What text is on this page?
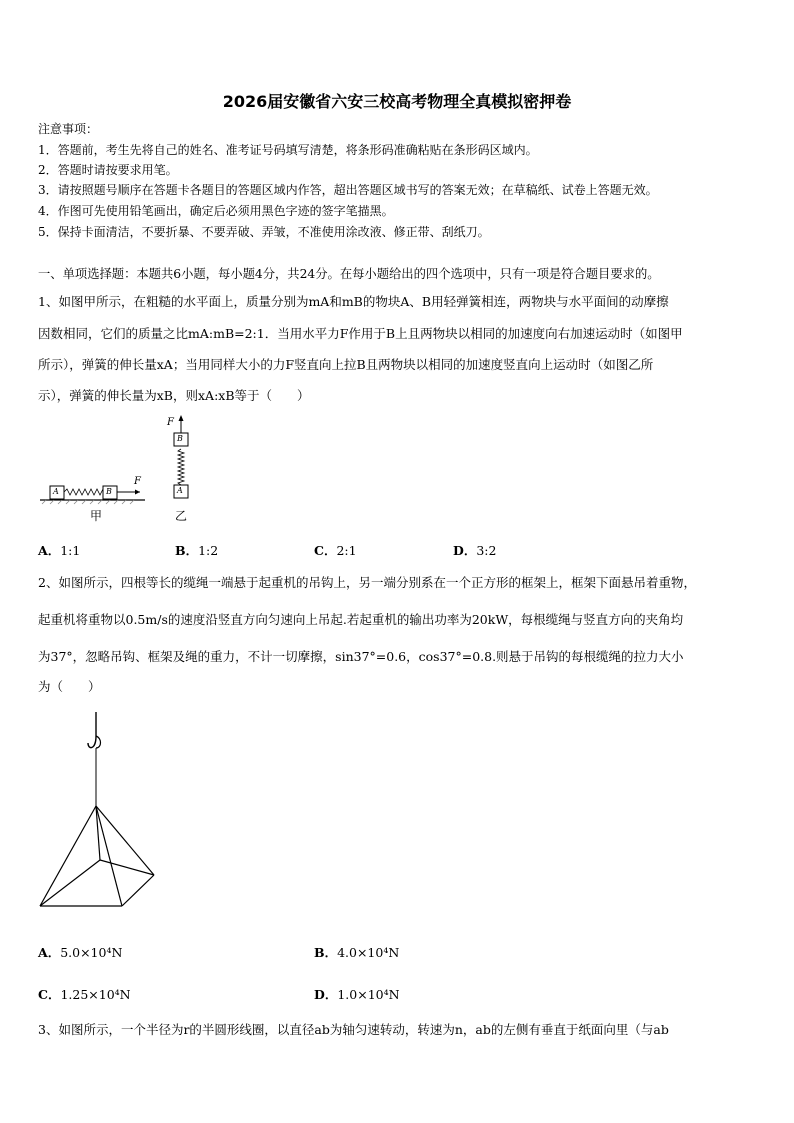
2026届安徽省六安三校高考物理全真模拟密押卷
注意事项：
1．答题前，考生先将自己的姓名、准考证号码填写清楚，将条形码准确粘贴在条形码区域内。
2．答题时请按要求用笔。
3．请按照题号顺序在答题卡各题目的答题区域内作答，超出答题区域书写的答案无效；在草稿纸、试卷上答题无效。
4．作图可先使用铅笔画出，确定后必须用黑色字迹的签字笔描黑。
5．保持卡面清洁，不要折暴、不要弄破、弄皱，不准使用涂改液、修正带、刮纸刀。
一、单项选择题：本题共6小题，每小题4分，共24分。在每小题给出的四个选项中，只有一项是符合题目要求的。
1、如图甲所示，在粗糙的水平面上，质量分别为mA和mB的物块A、B用轻弹簧相连，两物块与水平面间的动摩擦
因数相同，它们的质量之比mA:mB=2:1．当用水平力F作用于B上且两物块以相同的加速度向右加速运动时（如图甲
所示），弹簧的伸长量xA；当用同样大小的力F竖直向上拉B且两物块以相同的加速度竖直向上运动时（如图乙所
示），弹簧的伸长量为xB，则xA:xB等于（　　）
A	B
F
A
B
F
甲	乙
A．1:1	B．1:2	C．2:1	D．3:2
2、如图所示，四根等长的缆绳一端悬于起重机的吊钩上，另一端分别系在一个正方形的框架上，框架下面悬吊着重物，
起重机将重物以0.5m/s的速度沿竖直方向匀速向上吊起.若起重机的输出功率为20kW，每根缆绳与竖直方向的夹角均
为37°，忽略吊钩、框架及绳的重力，不计一切摩擦，sin37°=0.6，cos37°=0.8.则悬于吊钩的每根缆绳的拉力大小
为（　　）
A．5.0×10⁴N	B．4.0×10⁴N
C．1.25×10⁴N	D．1.0×10⁴N
3、如图所示，一个半径为r的半圆形线圈，以直径ab为轴匀速转动，转速为n，ab的左侧有垂直于纸面向里（与ab
